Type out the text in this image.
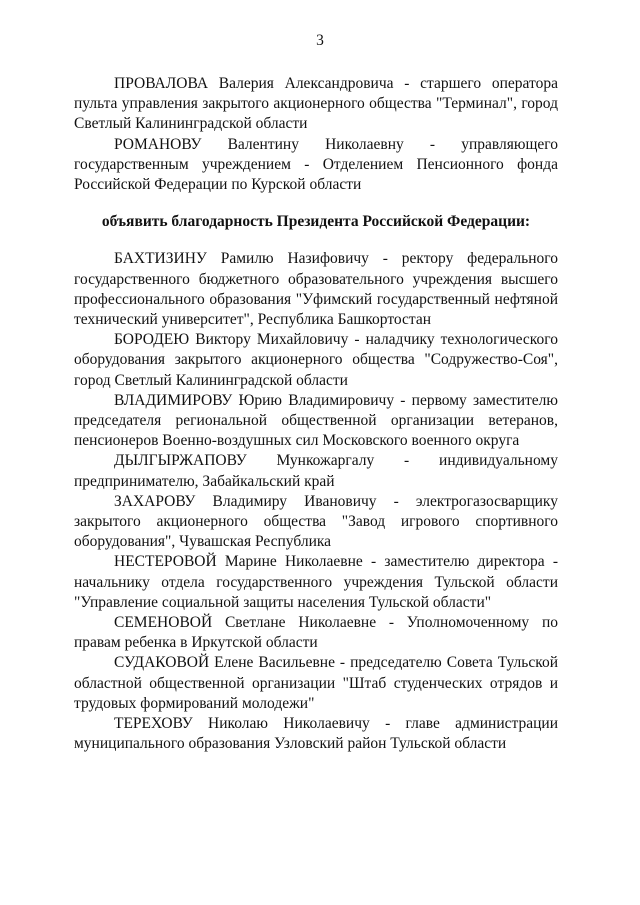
3

ПРОВАЛОВА Валерия Александровича - старшего оператора пульта управления закрытого акционерного общества "Терминал", город Светлый Калининградской области

РОМАНОВУ Валентину Николаевну - управляющего государственным учреждением - Отделением Пенсионного фонда Российской Федерации по Курской области

объявить благодарность Президента Российской Федерации:

БАХТИЗИНУ Рамилю Назифовичу - ректору федерального государственного бюджетного образовательного учреждения высшего профессионального образования "Уфимский государственный нефтяной технический университет", Республика Башкортостан

БОРОДЕЮ Виктору Михайловичу - наладчику технологического оборудования закрытого акционерного общества "Содружество-Соя", город Светлый Калининградской области

ВЛАДИМИРОВУ Юрию Владимировичу - первому заместителю председателя региональной общественной организации ветеранов, пенсионеров Военно-воздушных сил Московского военного округа

ДЫЛГЫРЖАПОВУ Мункожаргалу - индивидуальному предпринимателю, Забайкальский край

ЗАХАРОВУ Владимиру Ивановичу - электрогазосварщику закрытого акционерного общества "Завод игрового спортивного оборудования", Чувашская Республика

НЕСТЕРОВОЙ Марине Николаевне - заместителю директора - начальнику отдела государственного учреждения Тульской области "Управление социальной защиты населения Тульской области"

СЕМЕНОВОЙ Светлане Николаевне - Уполномоченному по правам ребенка в Иркутской области

СУДАКОВОЙ Елене Васильевне - председателю Совета Тульской областной общественной организации "Штаб студенческих отрядов и трудовых формирований молодежи"

ТЕРЕХОВУ Николаю Николаевичу - главе администрации муниципального образования Узловский район Тульской области
